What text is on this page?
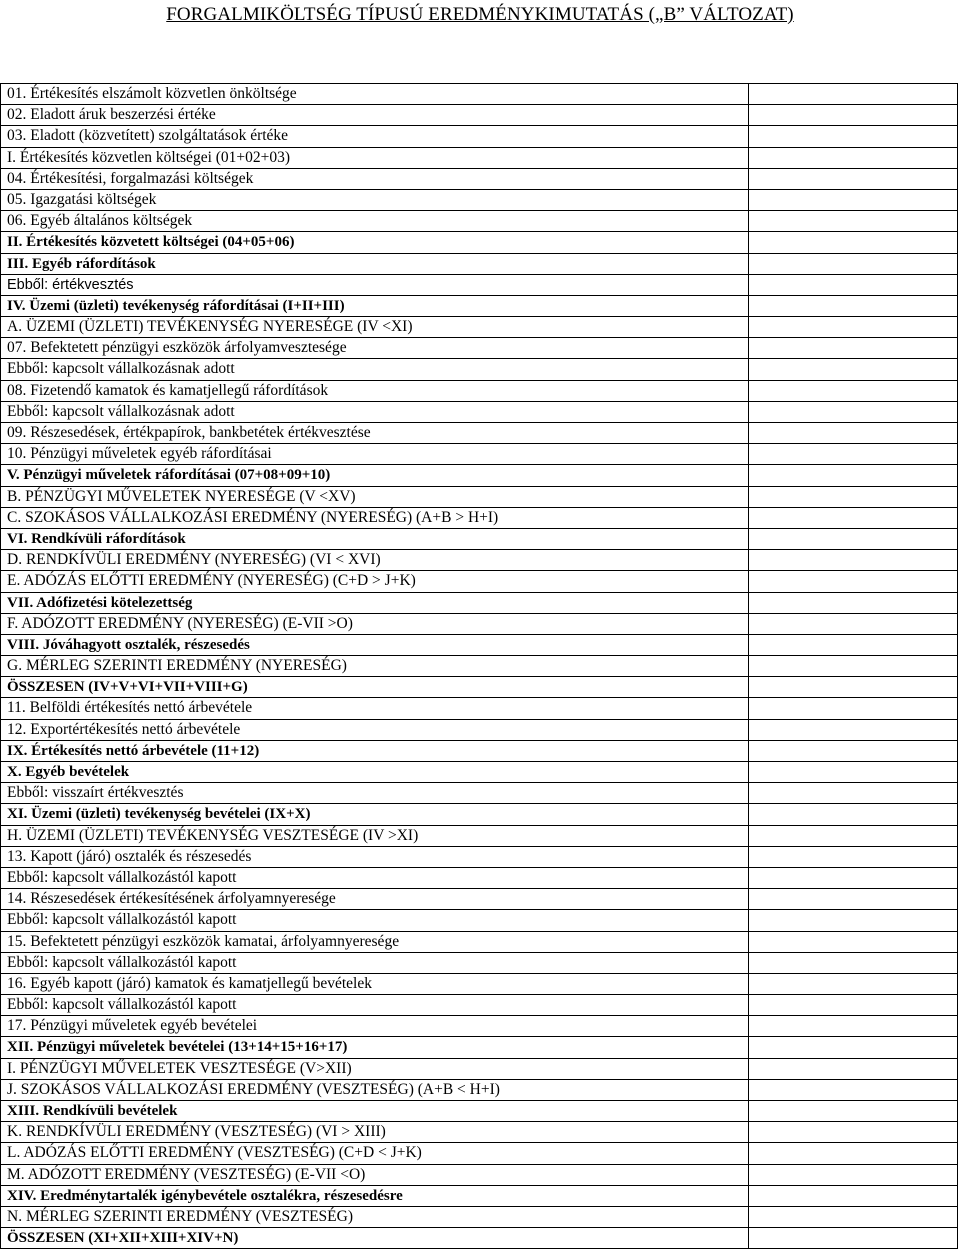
FORGALMIKÖLTSÉG TÍPUSÚ EREDMÉNYKIMUTATÁS („B” VÁLTOZAT)
01. Értékesítés elszámolt közvetlen önköltsége
02. Eladott áruk beszerzési értéke
03. Eladott (közvetített) szolgáltatások értéke
I. Értékesítés közvetlen költségei (01+02+03)
04. Értékesítési, forgalmazási költségek
05. Igazgatási költségek
06. Egyéb általános költségek
II. Értékesítés közvetett költségei (04+05+06)
III. Egyéb ráfordítások
Ebből: értékvesztés
IV. Üzemi (üzleti) tevékenység ráfordításai (I+II+III)
A. ÜZEMI (ÜZLETI) TEVÉKENYSÉG NYERESÉGE (IV <XI)
07. Befektetett pénzügyi eszközök árfolyamvesztesége
Ebből: kapcsolt vállalkozásnak adott
08. Fizetendő kamatok és kamatjellegű ráfordítások
Ebből: kapcsolt vállalkozásnak adott
09. Részesedések, értékpapírok, bankbetétek értékvesztése
10. Pénzügyi műveletek egyéb ráfordításai
V. Pénzügyi műveletek ráfordításai (07+08+09+10)
B. PÉNZÜGYI MŰVELETEK NYERESÉGE (V <XV)
C. SZOKÁSOS VÁLLALKOZÁSI EREDMÉNY (NYERESÉG) (A+B > H+I)
VI. Rendkívüli ráfordítások
D. RENDKÍVÜLI EREDMÉNY (NYERESÉG) (VI < XVI)
E. ADÓZÁS ELŐTTI EREDMÉNY (NYERESÉG) (C+D > J+K)
VII. Adófizetési kötelezettség
F. ADÓZOTT EREDMÉNY (NYERESÉG) (E-VII >O)
VIII. Jóváhagyott osztalék, részesedés
G. MÉRLEG SZERINTI EREDMÉNY (NYERESÉG)
ÖSSZESEN (IV+V+VI+VII+VIII+G)
11. Belföldi értékesítés nettó árbevétele
12. Exportértékesítés nettó árbevétele
IX. Értékesítés nettó árbevétele (11+12)
X. Egyéb bevételek
Ebből: visszaírt értékvesztés
XI. Üzemi (üzleti) tevékenység bevételei (IX+X)
H. ÜZEMI (ÜZLETI) TEVÉKENYSÉG VESZTESÉGE (IV >XI)
13. Kapott (járó) osztalék és részesedés
Ebből: kapcsolt vállalkozástól kapott
14. Részesedések értékesítésének árfolyamnyeresége
Ebből: kapcsolt vállalkozástól kapott
15. Befektetett pénzügyi eszközök kamatai, árfolyamnyeresége
Ebből: kapcsolt vállalkozástól kapott
16. Egyéb kapott (járó) kamatok és kamatjellegű bevételek
Ebből: kapcsolt vállalkozástól kapott
17. Pénzügyi műveletek egyéb bevételei
XII. Pénzügyi műveletek bevételei (13+14+15+16+17)
I. PÉNZÜGYI MŰVELETEK VESZTESÉGE (V>XII)
J. SZOKÁSOS VÁLLALKOZÁSI EREDMÉNY (VESZTESÉG) (A+B < H+I)
XIII. Rendkívüli bevételek
K. RENDKÍVÜLI EREDMÉNY (VESZTESÉG) (VI > XIII)
L. ADÓZÁS ELŐTTI EREDMÉNY (VESZTESÉG) (C+D < J+K)
M. ADÓZOTT EREDMÉNY (VESZTESÉG) (E-VII <O)
XIV. Eredménytartalék igénybevétele osztalékra, részesedésre
N. MÉRLEG SZERINTI EREDMÉNY (VESZTESÉG)
ÖSSZESEN (XI+XII+XIII+XIV+N)
